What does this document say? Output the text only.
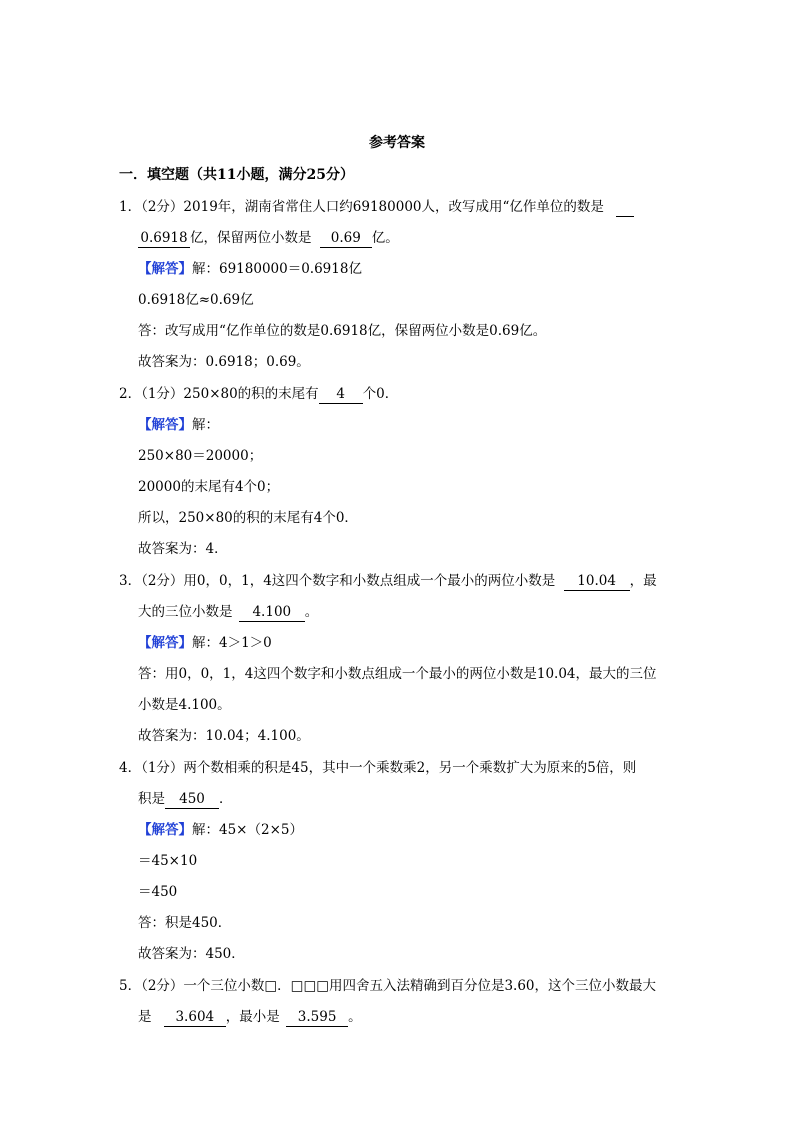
参考答案
一．填空题（共11小题，满分25分）
1．（2分）2019年，湖南省常住人口约69180000人，改写成用“亿作单位的数是
0.6918 亿，保留两位小数是 0.69 亿。
【解答】解：69180000＝0.6918亿
0.6918亿≈0.69亿
答：改写成用“亿作单位的数是0.6918亿，保留两位小数是0.69亿。
故答案为：0.6918；0.69。
2．（1分）250×80的积的末尾有 4 个0．
【解答】解：
250×80＝20000；
20000的末尾有4个0；
所以，250×80的积的末尾有4个0．
故答案为：4．
3．（2分）用0，0，1，4这四个数字和小数点组成一个最小的两位小数是 10.04 ，最
大的三位小数是 4.100 。
【解答】解：4＞1＞0
答：用0，0，1，4这四个数字和小数点组成一个最小的两位小数是10.04，最大的三位
小数是4.100。
故答案为：10.04；4.100。
4．（1分）两个数相乘的积是45，其中一个乘数乘2，另一个乘数扩大为原来的5倍，则
积是 450 ．
【解答】解：45×（2×5）
＝45×10
＝450
答：积是450．
故答案为：450．
5．（2分）一个三位小数□．□□□用四舍五入法精确到百分位是3.60，这个三位小数最大
是 3.604 ，最小是 3.595 。
